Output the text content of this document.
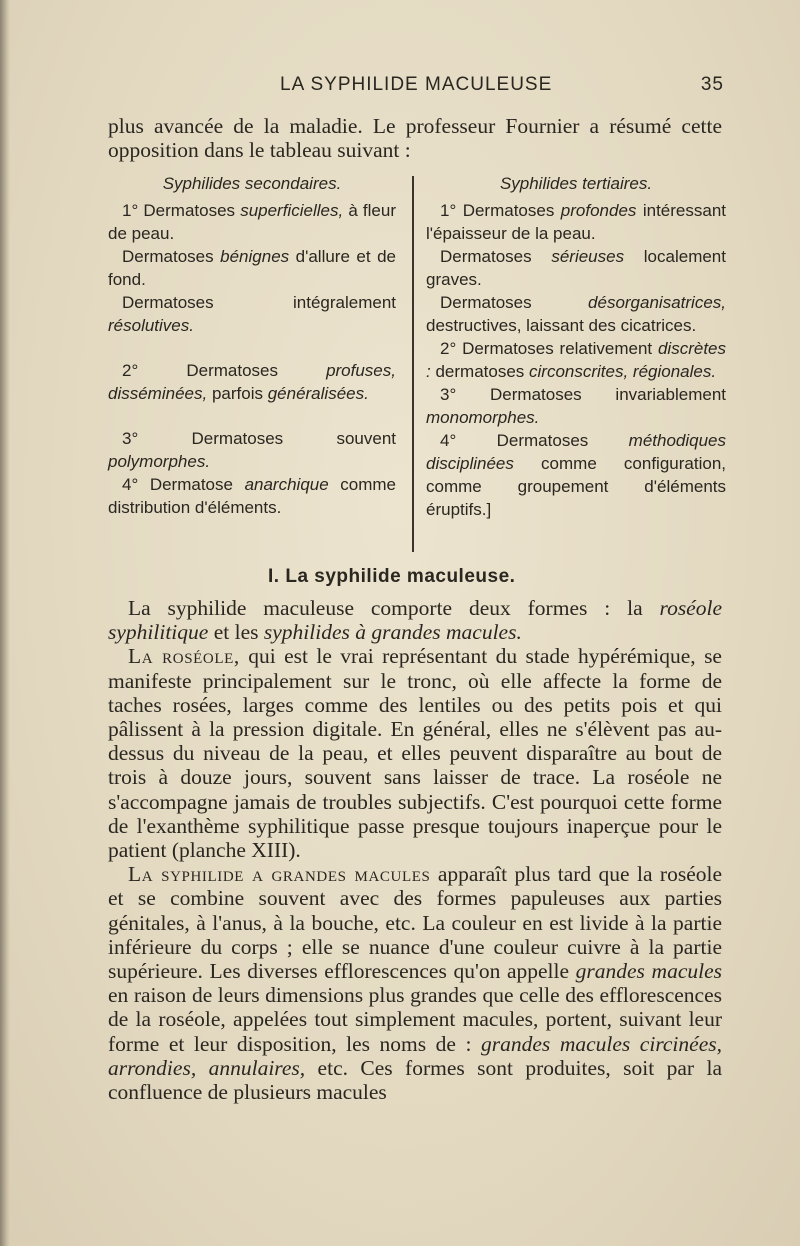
LA SYPHILIDE MACULEUSE	35
plus avancée de la maladie. Le professeur Fournier a résumé cette opposition dans le tableau suivant :
Syphilides secondaires.

1° Dermatoses superficielles, à fleur de peau.

Dermatoses bénignes d'allure et de fond.

Dermatoses intégralement résolutives.

2° Dermatoses profuses, disséminées, parfois généralisées.

3° Dermatoses souvent polymorphes.

4° Dermatose anarchique comme distribution d'éléments.

Syphilides tertiaires.

1° Dermatoses profondes intéressant l'épaisseur de la peau.

Dermatoses sérieuses localement graves.

Dermatoses désorganisatrices, destructives, laissant des cicatrices.

2° Dermatoses relativement discrètes : dermatoses circonscrites, régionales.

3° Dermatoses invariablement monomorphes.

4° Dermatoses méthodiques disciplinées comme configuration, comme groupement d'éléments éruptifs.]

I. La syphilide maculeuse.

La syphilide maculeuse comporte deux formes : la roséole syphilitique et les syphilides à grandes macules.

La roséole, qui est le vrai représentant du stade hypérémique, se manifeste principalement sur le tronc, où elle affecte la forme de taches rosées, larges comme des lentiles ou des petits pois et qui pâlissent à la pression digitale. En général, elles ne s'élèvent pas au-dessus du niveau de la peau, et elles peuvent disparaître au bout de trois à douze jours, souvent sans laisser de trace. La roséole ne s'accompagne jamais de troubles subjectifs. C'est pourquoi cette forme de l'exanthème syphilitique passe presque toujours inaperçue pour le patient (planche XIII).

La syphilide a grandes macules apparaît plus tard que la roséole et se combine souvent avec des formes papuleuses aux parties génitales, à l'anus, à la bouche, etc. La couleur en est livide à la partie inférieure du corps ; elle se nuance d'une couleur cuivre à la partie supérieure. Les diverses efflorescences qu'on appelle grandes macules en raison de leurs dimensions plus grandes que celle des efflorescences de la roséole, appelées tout simplement macules, portent, suivant leur forme et leur disposition, les noms de : grandes macules circinées, arrondies, annulaires, etc. Ces formes sont produites, soit par la confluence de plusieurs macules
